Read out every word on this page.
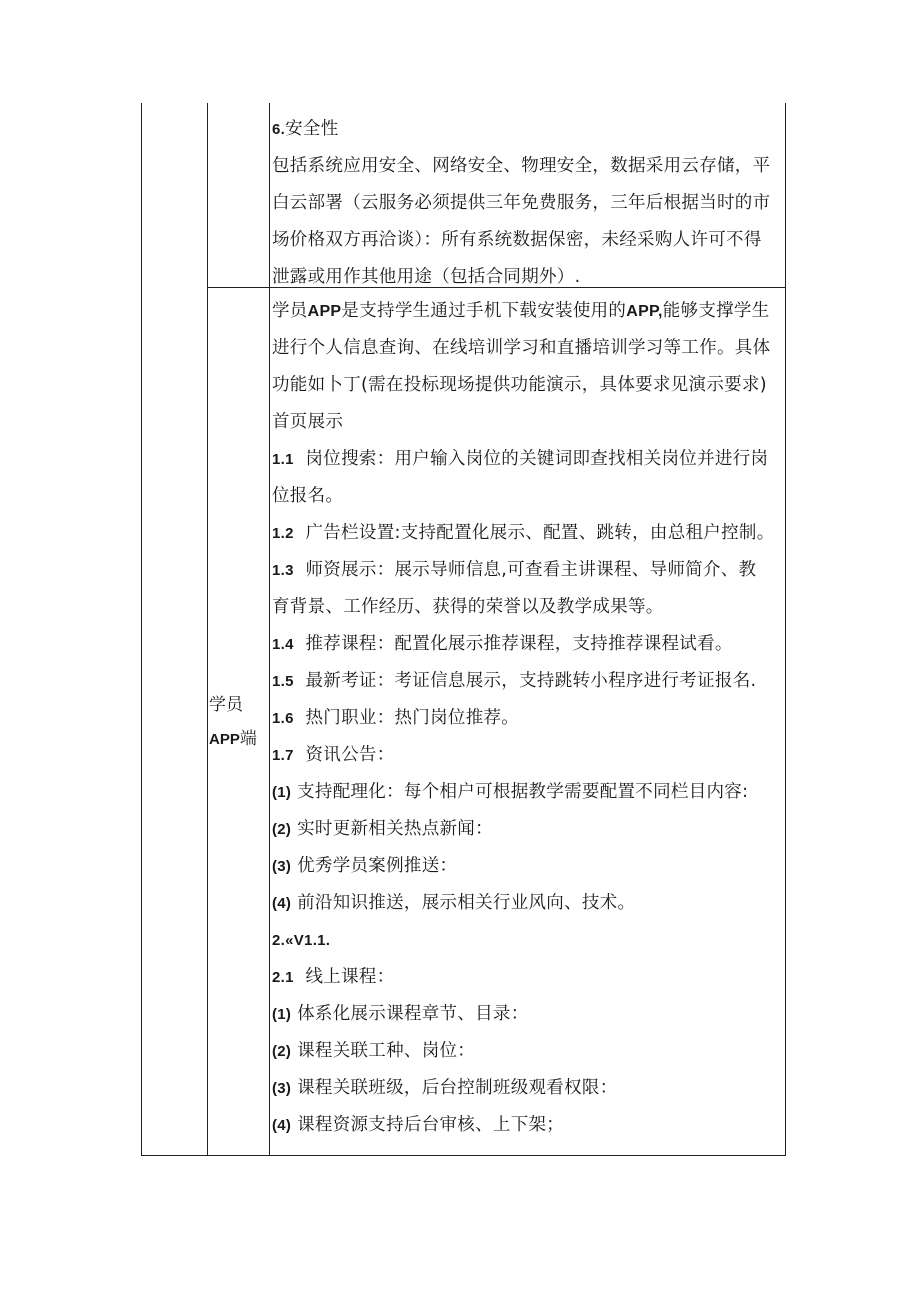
6.安全性

包括系统应用安全、网络安全、物理安全，数据采用云存储，平

白云部署（云服务必须提供三年免费服务，三年后根据当时的市

场价格双方再洽谈）：所有系统数据保密，未经采购人许可不得

泄露或用作其他用途（包括合同期外）.

学员
APP端

学员APP是支持学生通过手机下载安装使用的APP,能够支撑学生

进行个人信息查询、在线培训学习和直播培训学习等工作。具体

功能如卜丁(需在投标现场提供功能演示，具体要求见演示要求)

首页展示

1.1 岗位搜索：用户输入岗位的关键词即查找相关岗位并进行岗

位报名。

1.2 广告栏设置:支持配置化展示、配置、跳转，由总租户控制。

1.3 师资展示：展示导师信息,可查看主讲课程、导师简介、教

育背景、工作经历、获得的荣誉以及教学成果等。

1.4 推荐课程：配置化展示推荐课程，支持推荐课程试看。

1.5 最新考证：考证信息展示，支持跳转小程序进行考证报名.

1.6 热门职业：热门岗位推荐。

1.7 资讯公告：

(1) 支持配理化：每个相户可根据教学需要配置不同栏目内容:

(2) 实时更新相关热点新闻：

(3) 优秀学员案例推送：

(4) 前沿知识推送，展示相关行业风向、技术。

2.«V1.1.

2.1 线上课程：

(1) 体系化展示课程章节、目录：

(2) 课程关联工种、岗位：

(3) 课程关联班级，后台控制班级观看权限：

(4) 课程资源支持后台审核、上下架；
